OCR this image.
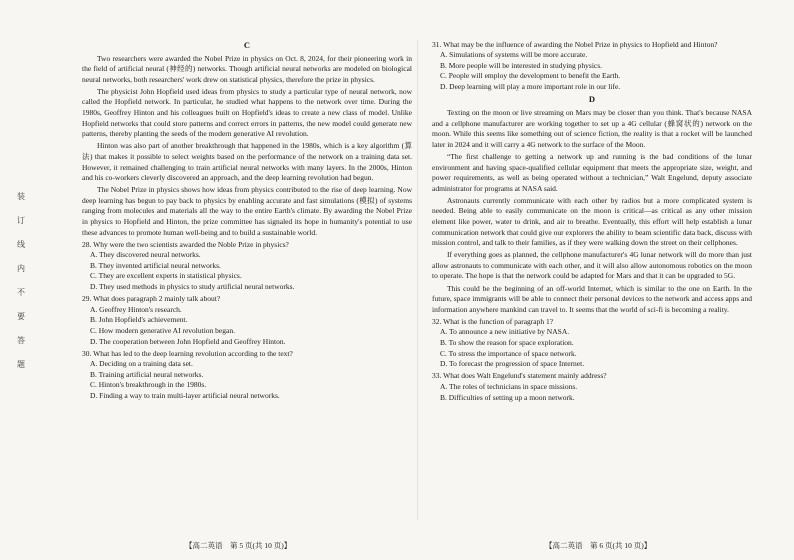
装
订
线
内
不
要
答
题
C

Two researchers were awarded the Nobel Prize in physics on Oct. 8, 2024, for their pioneering work in the field of artificial neural (神经的) networks. Though artificial neural networks are modeled on biological neural networks, both researchers' work drew on statistical physics, therefore the prize in physics.

The physicist John Hopfield used ideas from physics to study a particular type of neural network, now called the Hopfield network. In particular, he studied what happens to the network over time. During the 1980s, Geoffrey Hinton and his colleagues built on Hopfield's ideas to create a new class of model. Unlike Hopfield networks that could store patterns and correct errors in patterns, the new model could generate new patterns, thereby planting the seeds of the modern generative AI revolution.

Hinton was also part of another breakthrough that happened in the 1980s, which is a key algorithm (算法) that makes it possible to select weights based on the performance of the network on a training data set. However, it remained challenging to train artificial neural networks with many layers. In the 2000s, Hinton and his co-workers cleverly discovered an approach, and the deep learning revolution had begun.

The Nobel Prize in physics shows how ideas from physics contributed to the rise of deep learning. Now deep learning has begun to pay back to physics by enabling accurate and fast simulations (模拟) of systems ranging from molecules and materials all the way to the entire Earth's climate. By awarding the Nobel Prize in physics to Hopfield and Hinton, the prize committee has signaled its hope in humanity's potential to use these advances to promote human well-being and to build a sustainable world.

28. Why were the two scientists awarded the Noble Prize in physics?
A. They discovered neural networks.
B. They invented artificial neural networks.
C. They are excellent experts in statistical physics.
D. They used methods in physics to study artificial neural networks.
29. What does paragraph 2 mainly talk about?
A. Geoffrey Hinton's research.
B. John Hopfield's achievement.
C. How modern generative AI revolution began.
D. The cooperation between John Hopfield and Geoffrey Hinton.
30. What has led to the deep learning revolution according to the text?
A. Deciding on a training data set.
B. Training artificial neural networks.
C. Hinton's breakthrough in the 1980s.
D. Finding a way to train multi-layer artificial neural networks.
31. What may be the influence of awarding the Nobel Prize in physics to Hopfield and Hinton?
A. Simulations of systems will be more accurate.
B. More people will be interested in studying physics.
C. People will employ the development to benefit the Earth.
D. Deep learning will play a more important role in our life.
D

Texting on the moon or live streaming on Mars may be closer than you think. That's because NASA and a cellphone manufacturer are working together to set up a 4G cellular (蜂窝状的) network on the moon. While this seems like something out of science fiction, the reality is that a rocket will be launched later in 2024 and it will carry a 4G network to the surface of the Moon.

“The first challenge to getting a network up and running is the bad conditions of the lunar environment and having space-qualified cellular equipment that meets the appropriate size, weight, and power requirements, as well as being operated without a technician,” Walt Engelund, deputy associate administrator for programs at NASA said.

Astronauts currently communicate with each other by radios but a more complicated system is needed. Being able to easily communicate on the moon is critical—as critical as any other mission element like power, water to drink, and air to breathe. Eventually, this effort will help establish a lunar communication network that could give our explorers the ability to beam scientific data back, discuss with mission control, and talk to their families, as if they were walking down the street on their cellphones.

If everything goes as planned, the cellphone manufacturer's 4G lunar network will do more than just allow astronauts to communicate with each other, and it will also allow autonomous robotics on the moon to operate. The hope is that the network could be adapted for Mars and that it can be upgraded to 5G.

This could be the beginning of an off-world Internet, which is similar to the one on Earth. In the future, space immigrants will be able to connect their personal devices to the network and access apps and information anywhere mankind can travel to. It seems that the world of sci-fi is becoming a reality.

32. What is the function of paragraph 1?
A. To announce a new initiative by NASA.
B. To show the reason for space exploration.
C. To stress the importance of space network.
D. To forecast the progression of space Internet.
33. What does Walt Engelund's statement mainly address?
A. The roles of technicians in space missions.
B. Difficulties of setting up a moon network.
【高二英语　第 5 页(共 10 页)】	【高二英语　第 6 页(共 10 页)】
